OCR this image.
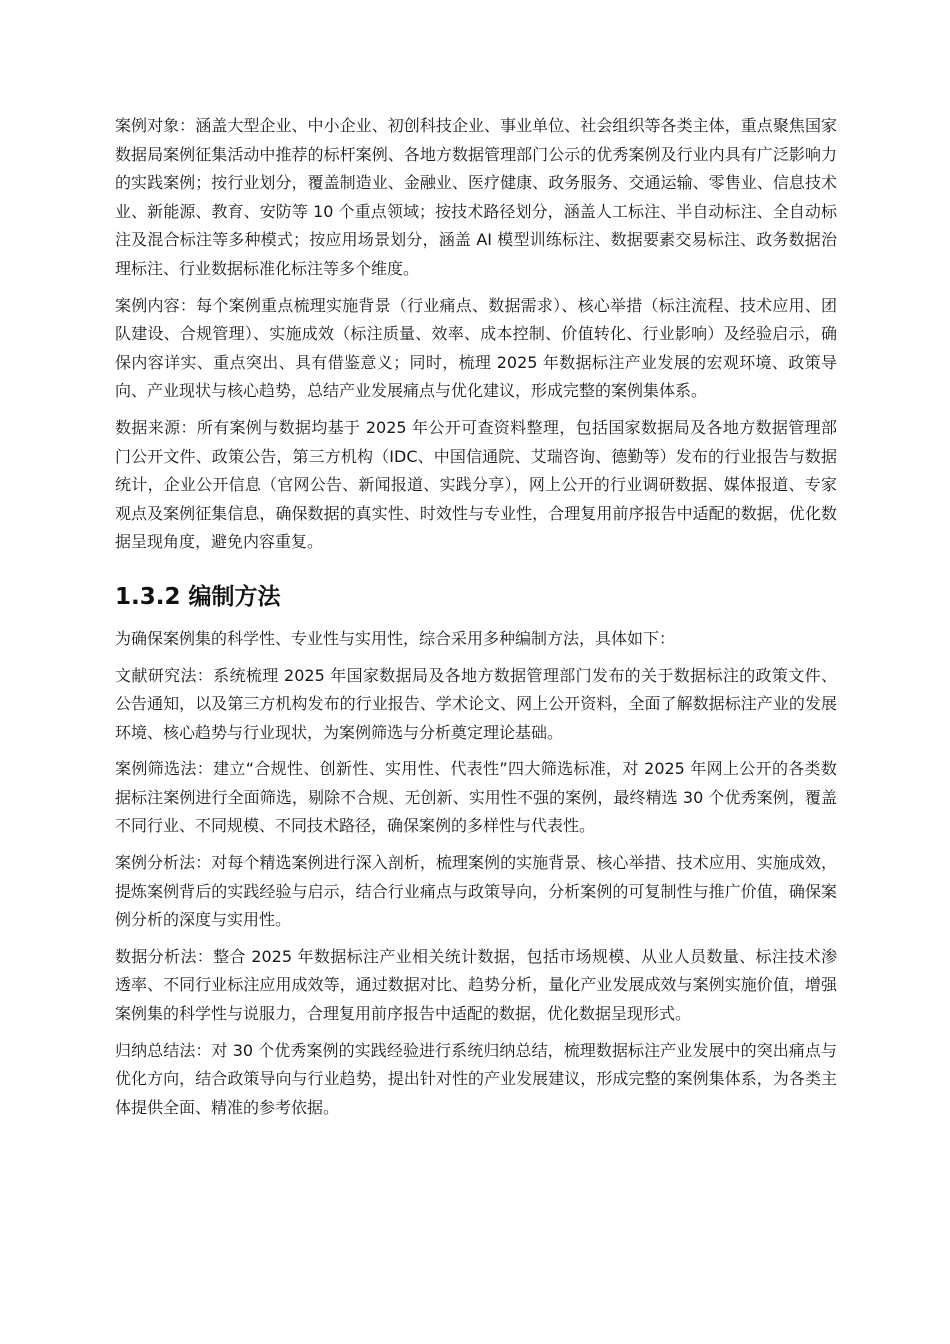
案例对象：涵盖大型企业、中小企业、初创科技企业、事业单位、社会组织等各类主体，重点聚焦国家数据局案例征集活动中推荐的标杆案例、各地方数据管理部门公示的优秀案例及行业内具有广泛影响力的实践案例；按行业划分，覆盖制造业、金融业、医疗健康、政务服务、交通运输、零售业、信息技术业、新能源、教育、安防等 10 个重点领域；按技术路径划分，涵盖人工标注、半自动标注、全自动标注及混合标注等多种模式；按应用场景划分，涵盖 AI 模型训练标注、数据要素交易标注、政务数据治理标注、行业数据标准化标注等多个维度。

案例内容：每个案例重点梳理实施背景（行业痛点、数据需求）、核心举措（标注流程、技术应用、团队建设、合规管理）、实施成效（标注质量、效率、成本控制、价值转化、行业影响）及经验启示，确保内容详实、重点突出、具有借鉴意义；同时，梳理 2025 年数据标注产业发展的宏观环境、政策导向、产业现状与核心趋势，总结产业发展痛点与优化建议，形成完整的案例集体系。

数据来源：所有案例与数据均基于 2025 年公开可查资料整理，包括国家数据局及各地方数据管理部门公开文件、政策公告，第三方机构（IDC、中国信通院、艾瑞咨询、德勤等）发布的行业报告与数据统计，企业公开信息（官网公告、新闻报道、实践分享），网上公开的行业调研数据、媒体报道、专家观点及案例征集信息，确保数据的真实性、时效性与专业性，合理复用前序报告中适配的数据，优化数据呈现角度，避免内容重复。

1.3.2 编制方法

为确保案例集的科学性、专业性与实用性，综合采用多种编制方法，具体如下：

文献研究法：系统梳理 2025 年国家数据局及各地方数据管理部门发布的关于数据标注的政策文件、公告通知，以及第三方机构发布的行业报告、学术论文、网上公开资料，全面了解数据标注产业的发展环境、核心趋势与行业现状，为案例筛选与分析奠定理论基础。

案例筛选法：建立“合规性、创新性、实用性、代表性”四大筛选标准，对 2025 年网上公开的各类数据标注案例进行全面筛选，剔除不合规、无创新、实用性不强的案例，最终精选 30 个优秀案例，覆盖不同行业、不同规模、不同技术路径，确保案例的多样性与代表性。

案例分析法：对每个精选案例进行深入剖析，梳理案例的实施背景、核心举措、技术应用、实施成效，提炼案例背后的实践经验与启示，结合行业痛点与政策导向，分析案例的可复制性与推广价值，确保案例分析的深度与实用性。

数据分析法：整合 2025 年数据标注产业相关统计数据，包括市场规模、从业人员数量、标注技术渗透率、不同行业标注应用成效等，通过数据对比、趋势分析，量化产业发展成效与案例实施价值，增强案例集的科学性与说服力，合理复用前序报告中适配的数据，优化数据呈现形式。

归纳总结法：对 30 个优秀案例的实践经验进行系统归纳总结，梳理数据标注产业发展中的突出痛点与优化方向，结合政策导向与行业趋势，提出针对性的产业发展建议，形成完整的案例集体系，为各类主体提供全面、精准的参考依据。
